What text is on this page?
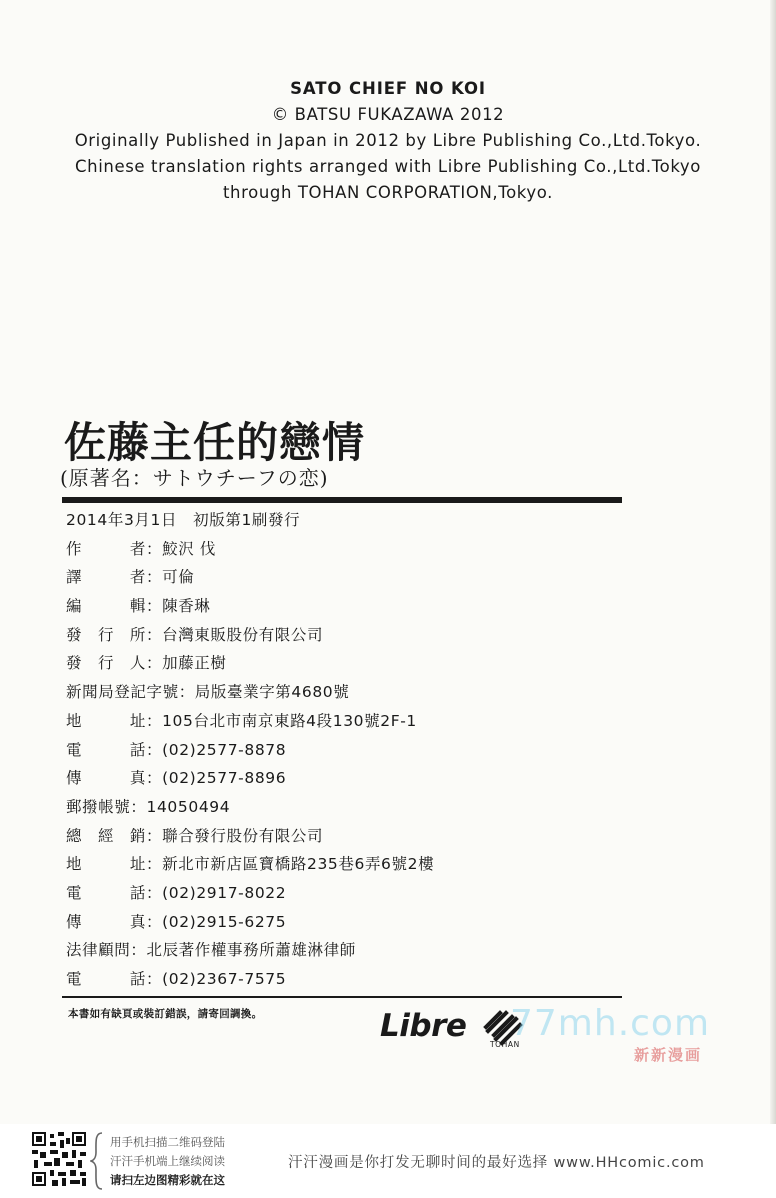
SATO CHIEF NO KOI
© BATSU FUKAZAWA 2012
Originally Published in Japan in 2012 by Libre Publishing Co.,Ltd.Tokyo.
Chinese translation rights arranged with Libre Publishing Co.,Ltd.Tokyo
through TOHAN CORPORATION,Tokyo.
佐藤主任的戀情
(原著名：サトウチーフの恋)
2014年3月1日　初版第1刷發行
作	者 ：鮫沢 伐
譯	者 ：可倫
編	輯 ：陳香琳
發 行 所 ：台灣東販股份有限公司
發 行 人 ：加藤正樹
新聞局登記字號 ：局版臺業字第4680號
地	址 ：105台北市南京東路4段130號2F-1
電	話 ：(02)2577-8878
傳	真 ：(02)2577-8896
郵撥帳號 ：14050494
總 經 銷 ：聯合發行股份有限公司
地	址 ：新北市新店區寶橋路235巷6弄6號2樓
電	話 ：(02)2917-8022
傳	真 ：(02)2915-6275
法律顧問 ：北辰著作權事務所蕭雄淋律師
電	話 ：(02)2367-7575
本書如有缺頁或裝訂錯誤，請寄回調換。	Libre
TOHAN
77mh.com
新新漫画
用手机扫描二维码登陆
汗汗手机端上继续阅读
请扫左边图精彩就在这
汗汗漫画是你打发无聊时间的最好选择 www.HHcomic.com
